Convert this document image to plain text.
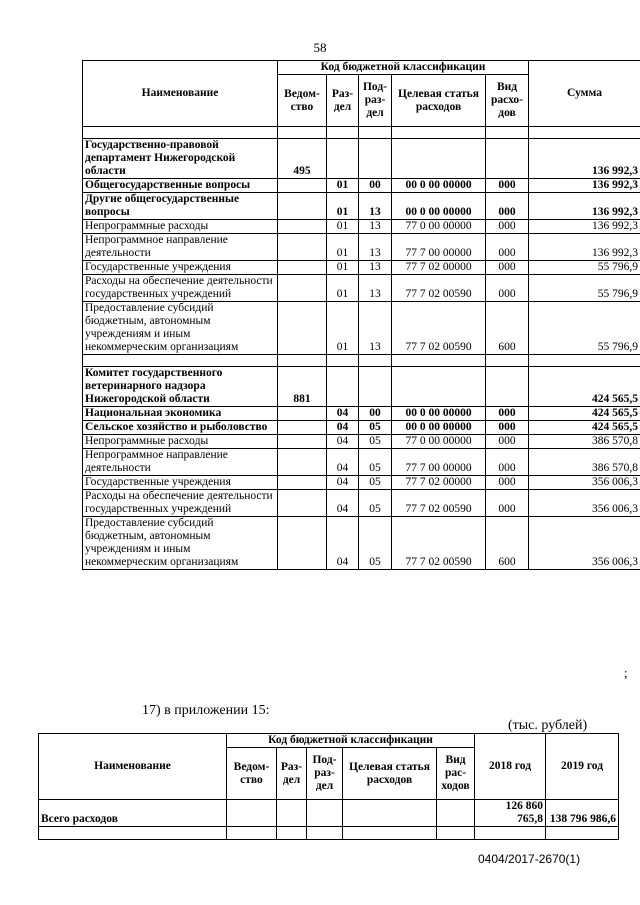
58
Наименование	Код бюджетной классификации					Сумма
	Ведом-ство	Раз-дел	Под-раз-дел	Целевая статья расходов	Вид расхо-дов	

Государственно-правовой департамент Нижегородской области	495					136 992,3
Общегосударственные вопросы		01	00	00 0 00 00000	000	136 992,3
Другие общегосударственные вопросы		01	13	00 0 00 00000	000	136 992,3
Непрограммные расходы		01	13	77 0 00 00000	000	136 992,3
Непрограммное направление деятельности		01	13	77 7 00 00000	000	136 992,3
Государственные учреждения		01	13	77 7 02 00000	000	55 796,9
Расходы на обеспечение деятельности государственных учреждений		01	13	77 7 02 00590	000	55 796,9
Предоставление субсидий бюджетным, автономным учреждениям и иным некоммерческим организациям		01	13	77 7 02 00590	600	55 796,9

Комитет государственного ветеринарного надзора Нижегородской области	881					424 565,5
Национальная экономика		04	00	00 0 00 00000	000	424 565,5
Сельское хозяйство и рыболовство		04	05	00 0 00 00000	000	424 565,5
Непрограммные расходы		04	05	77 0 00 00000	000	386 570,8
Непрограммное направление деятельности		04	05	77 7 00 00000	000	386 570,8
Государственные учреждения		04	05	77 7 02 00000	000	356 006,3
Расходы на обеспечение деятельности государственных учреждений		04	05	77 7 02 00590	000	356 006,3
Предоставление субсидий бюджетным, автономным учреждениям и иным некоммерческим организациям		04	05	77 7 02 00590	600	356 006,3
;
17) в приложении 15:
(тыс. рублей)
Наименование	Код бюджетной классификации					2018 год	2019 год
	Ведом-ство	Раз-дел	Под-раз-дел	Целевая статья расходов	Вид рас-ходов		
Всего расходов						126 860 765,8	138 796 986,6

0404/2017-2670(1)
